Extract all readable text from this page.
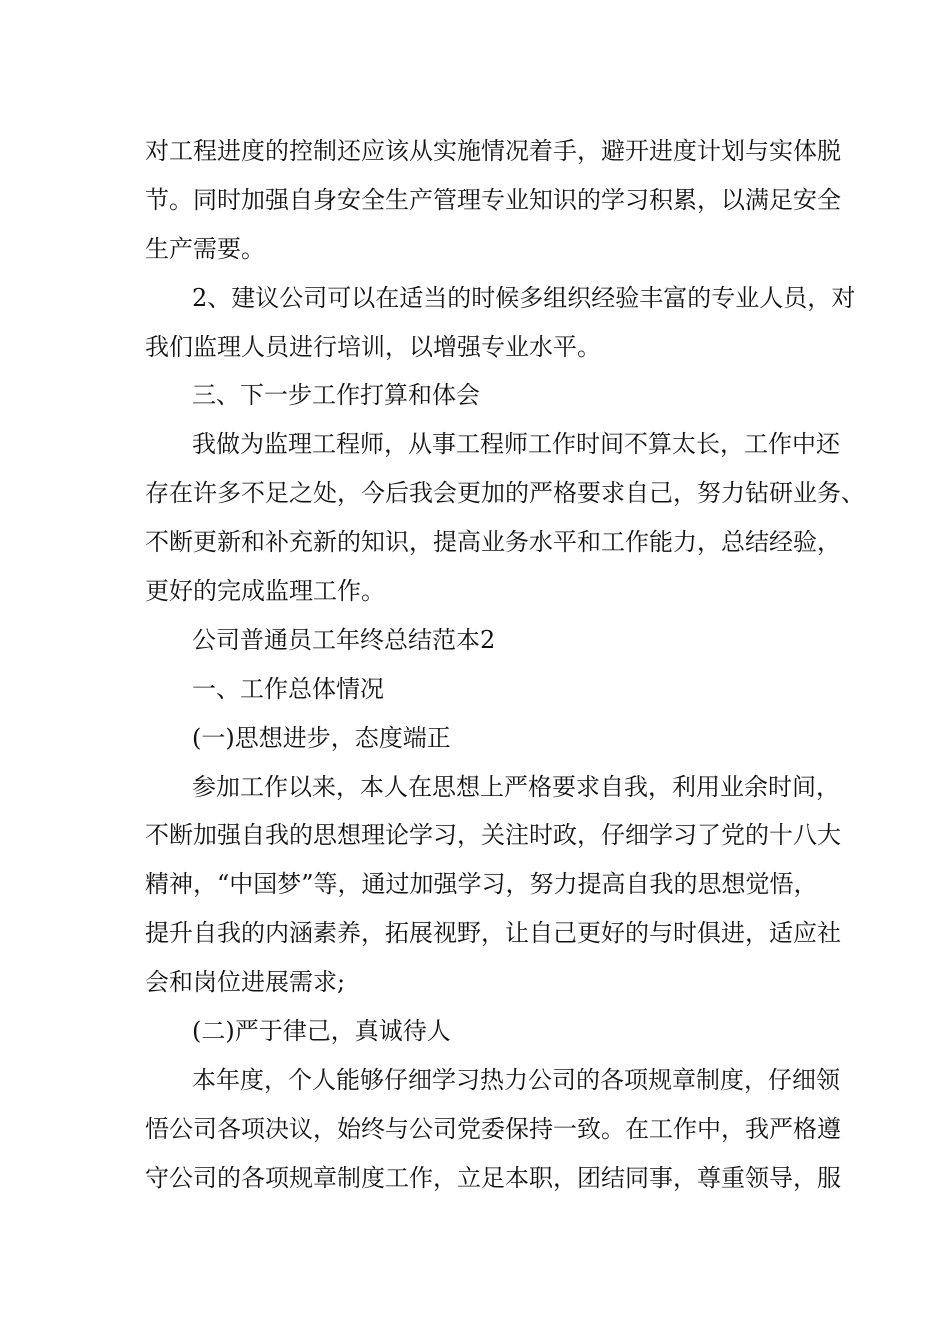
对工程进度的控制还应该从实施情况着手，避开进度计划与实体脱
节。同时加强自身安全生产管理专业知识的学习积累，以满足安全
生产需要。
2、建议公司可以在适当的时候多组织经验丰富的专业人员，对
我们监理人员进行培训，以增强专业水平。
三、下一步工作打算和体会
我做为监理工程师，从事工程师工作时间不算太长，工作中还
存在许多不足之处，今后我会更加的严格要求自己，努力钻研业务、
不断更新和补充新的知识，提高业务水平和工作能力，总结经验，
更好的完成监理工作。
公司普通员工年终总结范本2
一、工作总体情况
(一)思想进步，态度端正
参加工作以来，本人在思想上严格要求自我，利用业余时间，
不断加强自我的思想理论学习，关注时政，仔细学习了党的十八大
精神，“中国梦”等，通过加强学习，努力提高自我的思想觉悟，
提升自我的内涵素养，拓展视野，让自己更好的与时俱进，适应社
会和岗位进展需求;
(二)严于律己，真诚待人
本年度，个人能够仔细学习热力公司的各项规章制度，仔细领
悟公司各项决议，始终与公司党委保持一致。在工作中，我严格遵
守公司的各项规章制度工作，立足本职，团结同事，尊重领导，服
